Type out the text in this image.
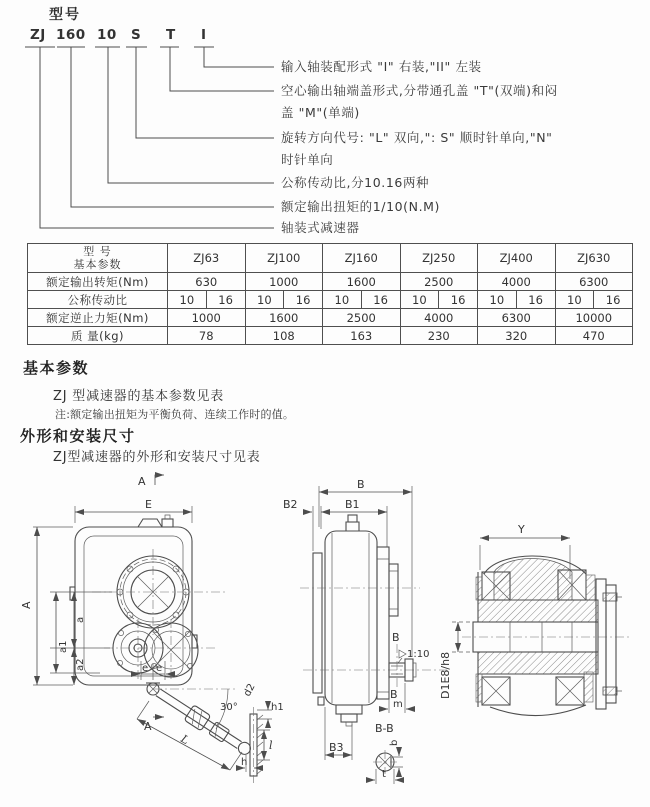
型号
ZJ 160 10 S T I
输入轴装配形式 "I" 右装,"II" 左装
空心输出轴端盖形式,分带通孔盖 "T"(双端)和闷
盖 "M"(单端)
旋转方向代号: "L" 双向,": S" 顺时针单向,"N"
时针单向
公称传动比,分10.16两种
额定输出扭矩的1/10(N.M)
轴装式减速器
型 号
基本参数	ZJ63		ZJ100		ZJ160		ZJ250		ZJ400		ZJ630	
额定输出转矩(Nm)	630		1000		1600		2500		4000		6300	
公称传动比	10	16	10	16	10	16	10	16	10	16	10	16
额定逆止力矩(Nm)	1000		1600		2500		4000		6300		10000	
质 量(kg)	78		108		163		230		320		470	
基本参数
ZJ 型减速器的基本参数见表
注:额定输出扭矩为平衡负荷、连续工作时的值。
外形和安装尺寸
ZJ型减速器的外形和安装尺寸见表
A
E
A
a
a1
a2	e e
30°
d2
A
L
h1
l
h
B
B2	B1
B
B
1:10
m
B3
B-B
b
t
D1E8/h8
Y
